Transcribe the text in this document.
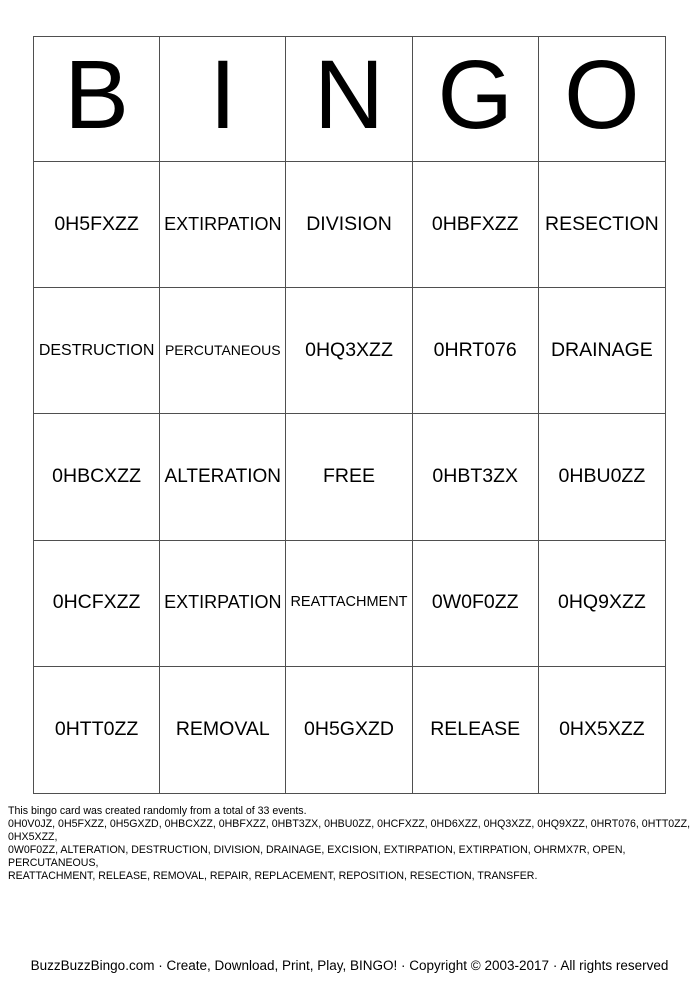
B I N G O
0H5FXZZ EXTIRPATION DIVISION 0HBFXZZ RESECTION
DESTRUCTION PERCUTANEOUS 0HQ3XZZ 0HRT076 DRAINAGE
0HBCXZZ ALTERATION FREE	0HBT3ZX 0HBU0ZZ
0HCFXZZ EXTIRPATION REATTACHMENT 0W0F0ZZ 0HQ9XZZ
0HTT0ZZ REMOVAL 0H5GXZD RELEASE 0HX5XZZ
This bingo card was created randomly from a total of 33 events.
0H0V0JZ, 0H5FXZZ, 0H5GXZD, 0HBCXZZ, 0HBFXZZ, 0HBT3ZX, 0HBU0ZZ, 0HCFXZZ, 0HD6XZZ, 0HQ3XZZ, 0HQ9XZZ, 0HRT076, 0HTT0ZZ, 0HX5XZZ,
0W0F0ZZ, ALTERATION, DESTRUCTION, DIVISION, DRAINAGE, EXCISION, EXTIRPATION, EXTIRPATION, OHRMX7R, OPEN, PERCUTANEOUS,
REATTACHMENT, RELEASE, REMOVAL, REPAIR, REPLACEMENT, REPOSITION, RESECTION, TRANSFER.
BuzzBuzzBingo.com · Create, Download, Print, Play, BINGO! · Copyright © 2003-2017 · All rights reserved
